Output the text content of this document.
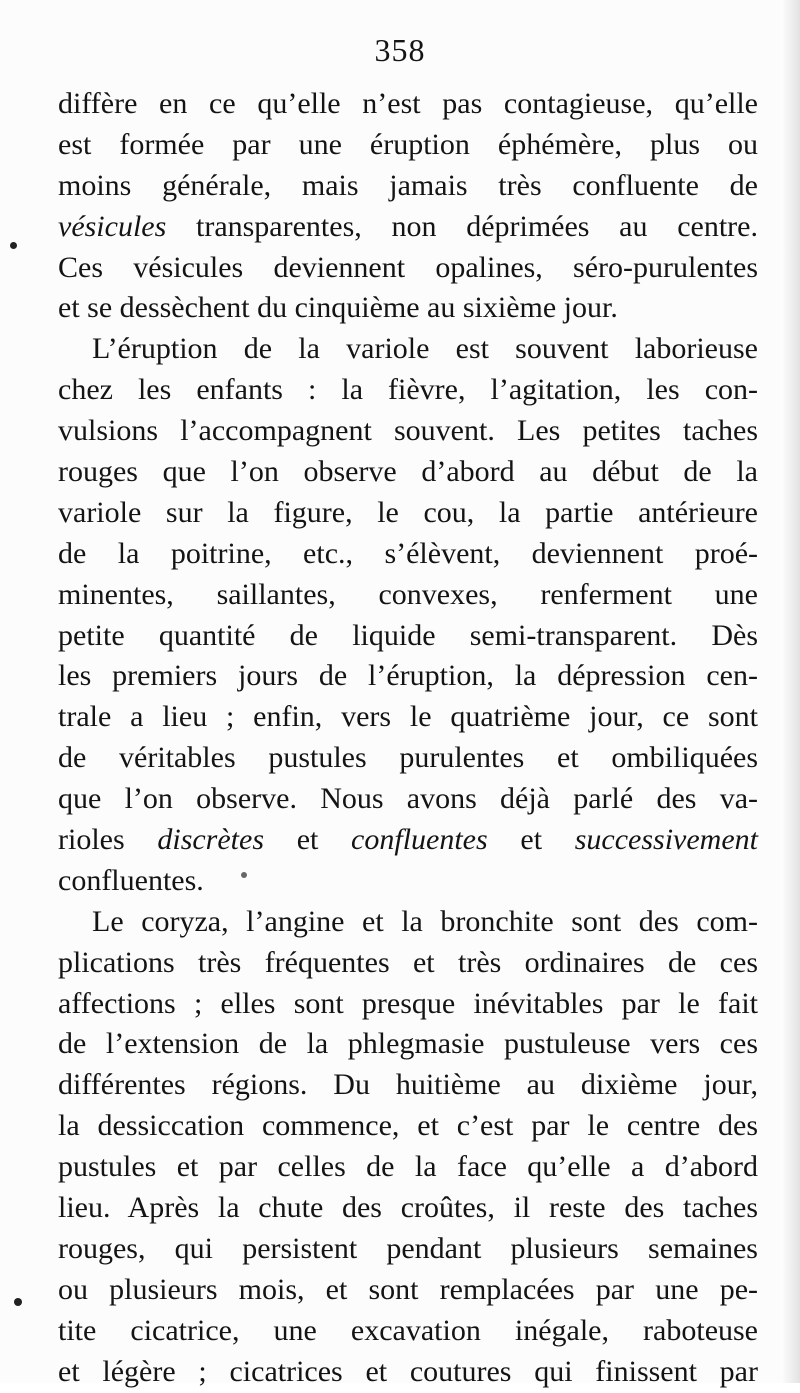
358
diffère en ce qu’elle n’est pas contagieuse, qu’elle
est formée par une éruption éphémère, plus ou
moins générale, mais jamais très confluente de
vésicules transparentes, non déprimées au centre.
Ces vésicules deviennent opalines, séro-purulentes
et se dessèchent du cinquième au sixième jour.
L’éruption de la variole est souvent laborieuse
chez les enfants : la fièvre, l’agitation, les con-
vulsions l’accompagnent souvent. Les petites taches
rouges que l’on observe d’abord au début de la
variole sur la figure, le cou, la partie antérieure
de la poitrine, etc., s’élèvent, deviennent proé-
minentes, saillantes, convexes, renferment une
petite quantité de liquide semi-transparent. Dès
les premiers jours de l’éruption, la dépression cen-
trale a lieu ; enfin, vers le quatrième jour, ce sont
de véritables pustules purulentes et ombiliquées
que l’on observe. Nous avons déjà parlé des va-
rioles discrètes et confluentes et successivement
confluentes.
Le coryza, l’angine et la bronchite sont des com-
plications très fréquentes et très ordinaires de ces
affections ; elles sont presque inévitables par le fait
de l’extension de la phlegmasie pustuleuse vers ces
différentes régions. Du huitième au dixième jour,
la dessiccation commence, et c’est par le centre des
pustules et par celles de la face qu’elle a d’abord
lieu. Après la chute des croûtes, il reste des taches
rouges, qui persistent pendant plusieurs semaines
ou plusieurs mois, et sont remplacées par une pe-
tite cicatrice, une excavation inégale, raboteuse
et légère ; cicatrices et coutures qui finissent par
